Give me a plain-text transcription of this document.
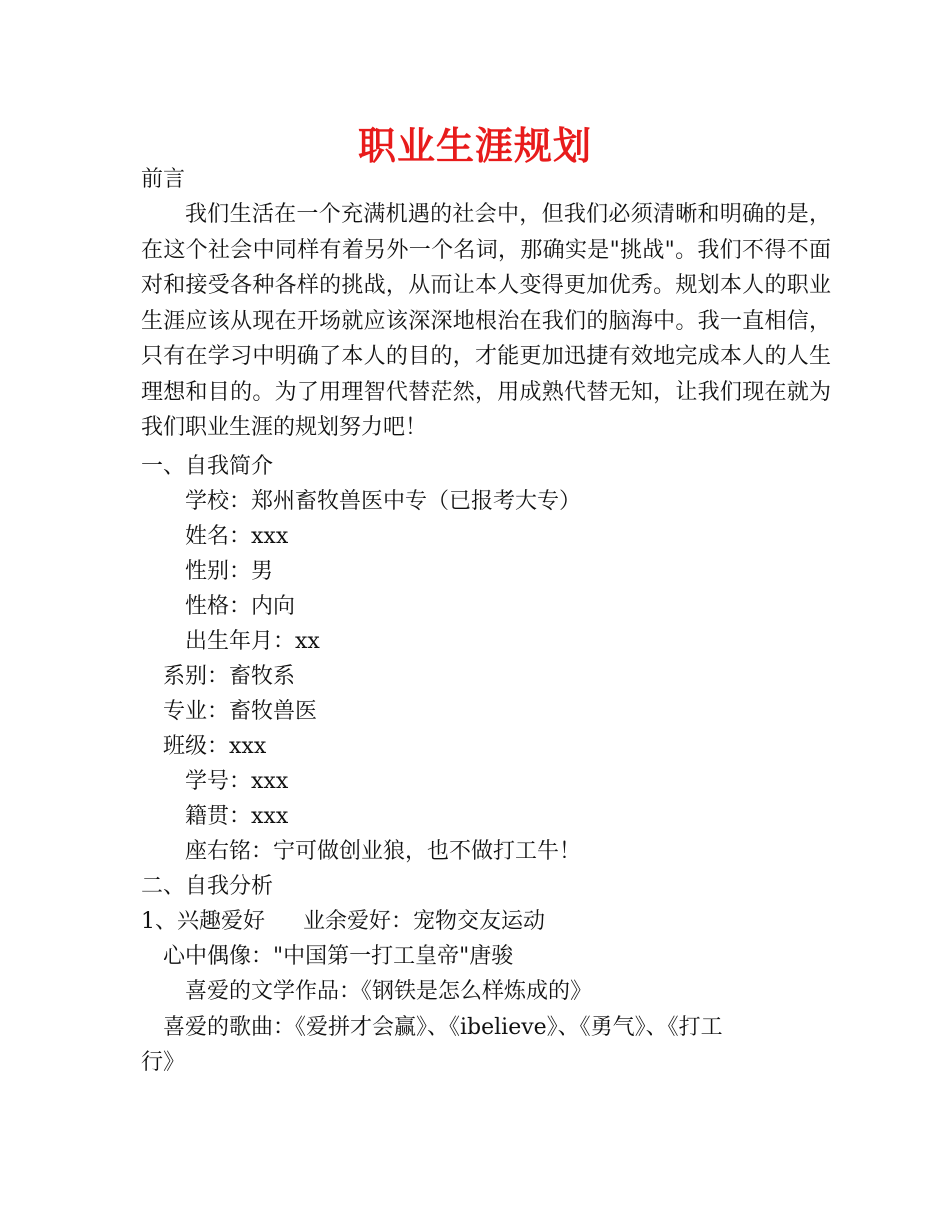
职业生涯规划
前言
我们生活在一个充满机遇的社会中，但我们必须清晰和明确的是，在这个社会中同样有着另外一个名词，那确实是"挑战"。我们不得不面对和接受各种各样的挑战，从而让本人变得更加优秀。规划本人的职业生涯应该从现在开场就应该深深地根治在我们的脑海中。我一直相信，只有在学习中明确了本人的目的，才能更加迅捷有效地完成本人的人生理想和目的。为了用理智代替茫然，用成熟代替无知，让我们现在就为我们职业生涯的规划努力吧！
一、自我简介
学校：郑州畜牧兽医中专（已报考大专）
姓名：xxx
性别：男
性格：内向
出生年月：xx
系别：畜牧系
专业：畜牧兽医
班级：xxx
学号：xxx
籍贯：xxx
座右铭：宁可做创业狼，也不做打工牛！
二、自我分析
1、兴趣爱好 业余爱好：宠物交友运动
心中偶像："中国第一打工皇帝"唐骏
喜爱的文学作品：《钢铁是怎么样炼成的》
喜爱的歌曲：《爱拼才会赢》、《ibelieve》、《勇气》、《打工
行》
